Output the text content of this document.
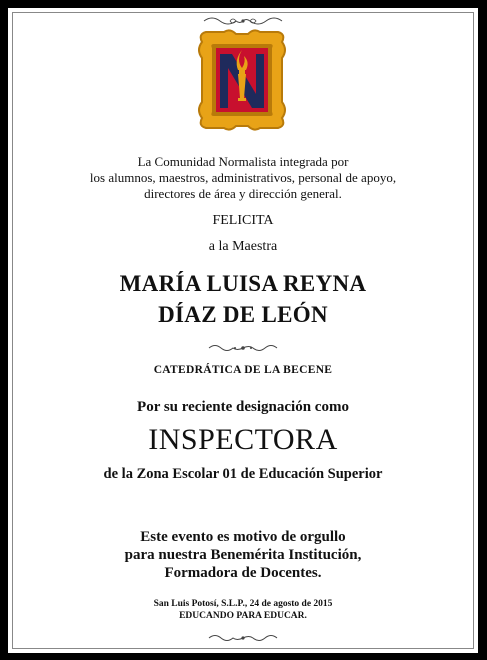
La Comunidad Normalista integrada por
los alumnos, maestros, administrativos, personal de apoyo,
directores de área y dirección general.
FELICITA
a la Maestra
MARÍA LUISA REYNA
DÍAZ DE LEÓN
CATEDRÁTICA DE LA BECENE
Por su reciente designación como
INSPECTORA
de la Zona Escolar 01 de Educación Superior
Este evento es motivo de orgullo
para nuestra Benemérita Institución,
Formadora de Docentes.
San Luis Potosí, S.L.P., 24 de agosto de 2015
EDUCANDO PARA EDUCAR.
